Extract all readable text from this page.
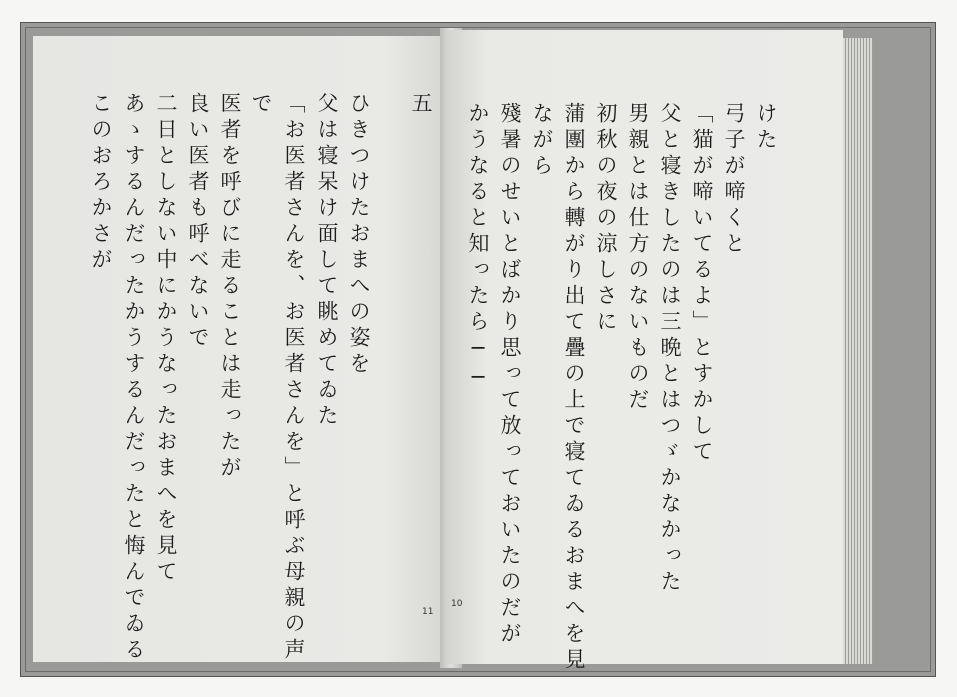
五
ひきつけたおまへの姿を
父は寝呆け面して眺めてゐた
「お医者さんを、お医者さんを」と呼ぶ母親の声
で
医者を呼びに走ることは走ったが
良い医者も呼べないで
二日としない中にかうなったおまへを見て
あゝするんだったかうするんだったと悔んでゐる
このおろかさが
11
けた
弓子が啼くと
「猫が啼いてるよ」とすかして
父と寝きしたのは三晩とはつゞかなかった
男親とは仕方のないものだ
初秋の夜の涼しさに
蒲團から轉がり出て疊の上で寝てゐるおまへを見
ながら
殘暑のせいとばかり思って放っておいたのだが
かうなると知ったら──
10
